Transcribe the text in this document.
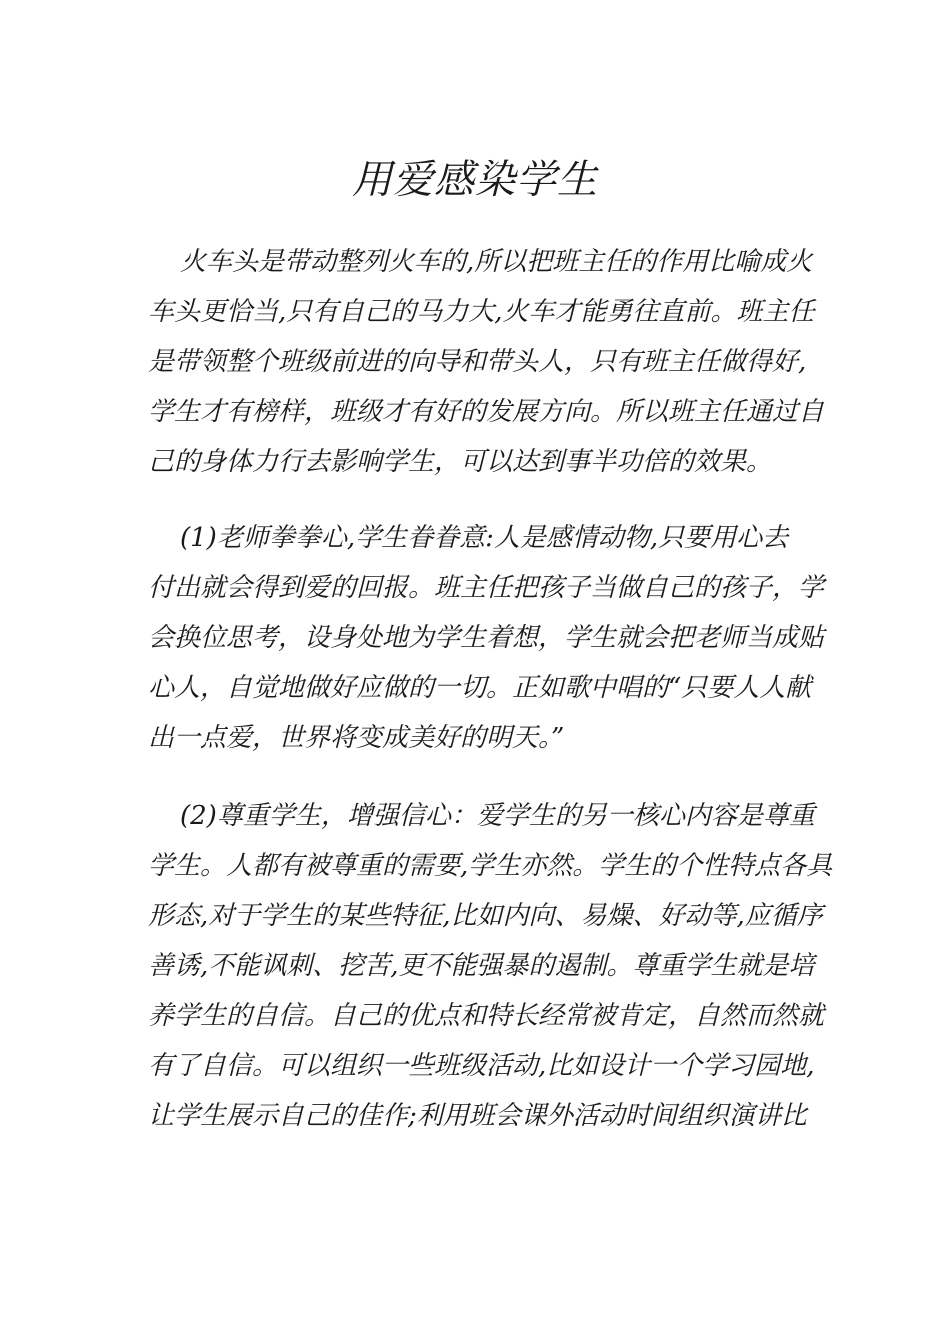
用爱感染学生
火车头是带动整列火车的,所以把班主任的作用比喻成火
车头更恰当,只有自己的马力大,火车才能勇往直前。班主任
是带领整个班级前进的向导和带头人，只有班主任做得好,
学生才有榜样，班级才有好的发展方向。所以班主任通过自
己的身体力行去影响学生，可以达到事半功倍的效果。
(1)老师拳拳心,学生眷眷意:人是感情动物,只要用心去
付出就会得到爱的回报。班主任把孩子当做自己的孩子，学
会换位思考，设身处地为学生着想，学生就会把老师当成贴
心人，自觉地做好应做的一切。正如歌中唱的“只要人人献
出一点爱，世界将变成美好的明天。”
(2)尊重学生，增强信心：爱学生的另一核心内容是尊重
学生。人都有被尊重的需要,学生亦然。学生的个性特点各具
形态,对于学生的某些特征,比如内向、易燥、好动等,应循序
善诱,不能讽刺、挖苦,更不能强暴的遏制。尊重学生就是培
养学生的自信。自己的优点和特长经常被肯定，自然而然就
有了自信。可以组织一些班级活动,比如设计一个学习园地,
让学生展示自己的佳作;利用班会课外活动时间组织演讲比
